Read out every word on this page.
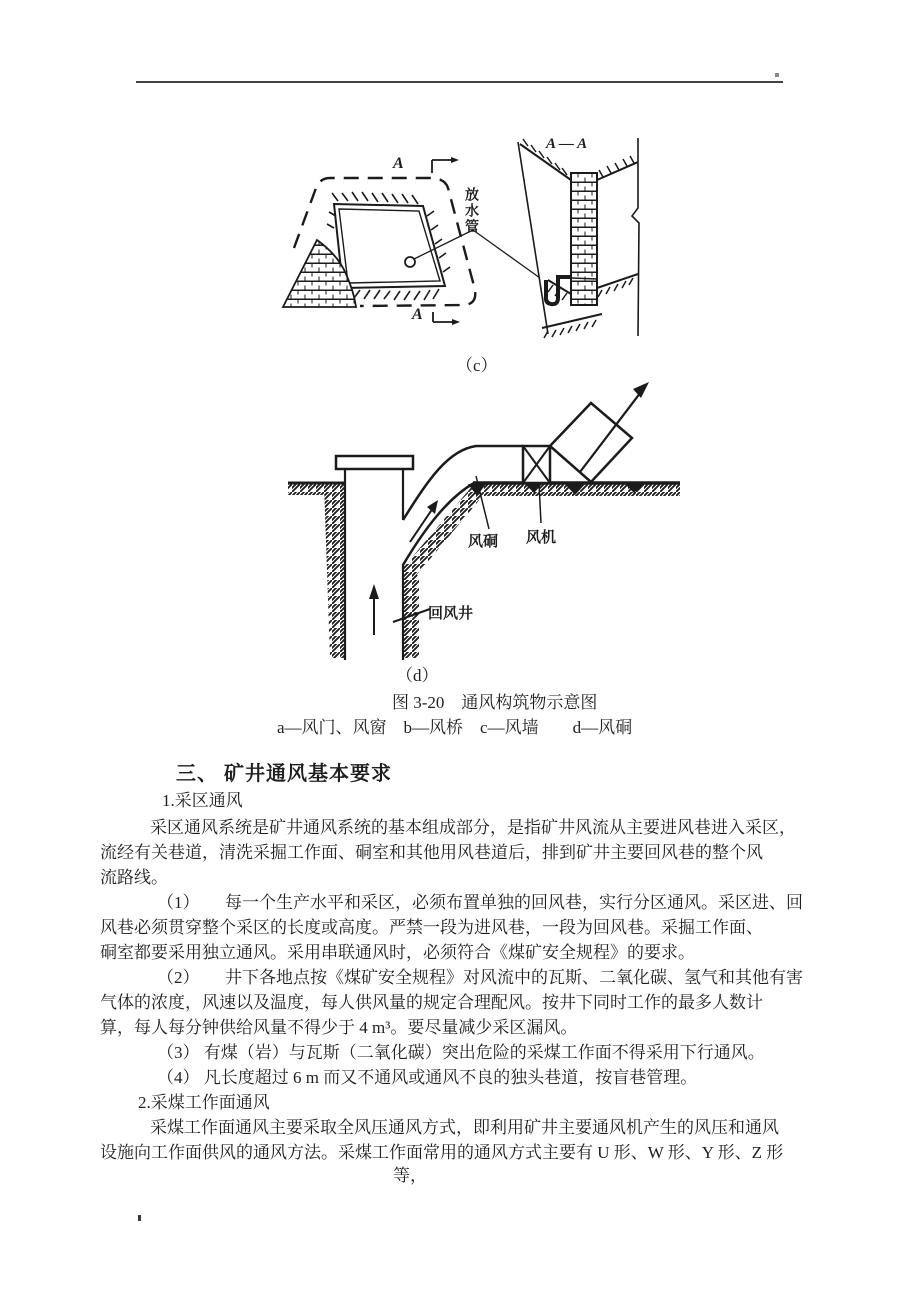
A
A
A — A
放水管
（c）
风硐 风机
回风井
（d）
图 3-20　通风构筑物示意图
a—风门、风窗　b—风桥　c—风墙　　d—风硐
三、 矿井通风基本要求
1.采区通风
采区通风系统是矿井通风系统的基本组成部分，是指矿井风流从主要进风巷进入采区，
流经有关巷道，清洗采掘工作面、硐室和其他用风巷道后，排到矿井主要回风巷的整个风
流路线。
（1）　　每一个生产水平和采区，必须布置单独的回风巷，实行分区通风。采区进、回
风巷必须贯穿整个采区的长度或高度。严禁一段为进风巷，一段为回风巷。采掘工作面、
硐室都要采用独立通风。采用串联通风时，必须符合《煤矿安全规程》的要求。
（2）　　井下各地点按《煤矿安全规程》对风流中的瓦斯、二氧化碳、氢气和其他有害
气体的浓度，风速以及温度，每人供风量的规定合理配风。按井下同时工作的最多人数计
算，每人每分钟供给风量不得少于 4 m³。要尽量减少采区漏风。
（3） 有煤（岩）与瓦斯（二氧化碳）突出危险的采煤工作面不得采用下行通风。
（4） 凡长度超过 6 m 而又不通风或通风不良的独头巷道，按盲巷管理。
2.采煤工作面通风
采煤工作面通风主要采取全风压通风方式，即利用矿井主要通风机产生的风压和通风
设施向工作面供风的通风方法。采煤工作面常用的通风方式主要有 U 形、W 形、Y 形、Z 形
等，
